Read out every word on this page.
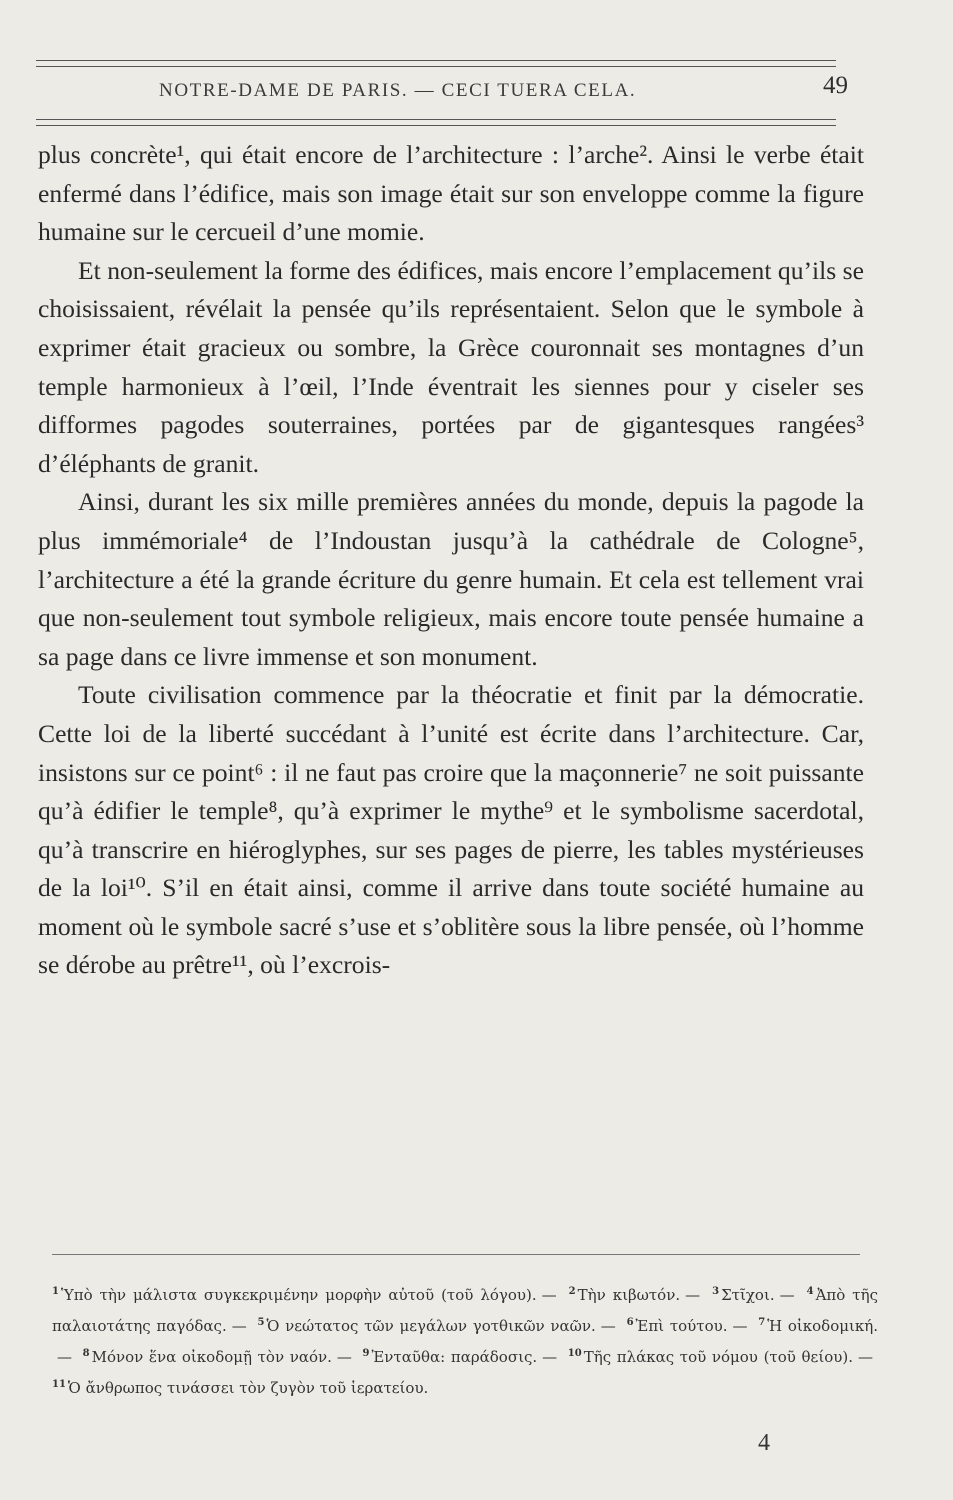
NOTRE-DAME DE PARIS. — CECI TUERA CELA.	49

plus concrète¹, qui était encore de l’architecture : l’arche². Ainsi le verbe était enfermé dans l’édifice, mais son image était sur son enveloppe comme la figure humaine sur le cercueil d’une momie.

Et non-seulement la forme des édifices, mais encore l’emplacement qu’ils se choisissaient, révélait la pensée qu’ils représentaient. Selon que le symbole à exprimer était gracieux ou sombre, la Grèce couronnait ses montagnes d’un temple harmonieux à l’œil, l’Inde éventrait les siennes pour y ciseler ses difformes pagodes souterraines, portées par de gigantesques rangées³ d’éléphants de granit.

Ainsi, durant les six mille premières années du monde, depuis la pagode la plus immémoriale⁴ de l’Indoustan jusqu’à la cathédrale de Cologne⁵, l’architecture a été la grande écriture du genre humain. Et cela est tellement vrai que non-seulement tout symbole religieux, mais encore toute pensée humaine a sa page dans ce livre immense et son monument.

Toute civilisation commence par la théocratie et finit par la démocratie. Cette loi de la liberté succédant à l’unité est écrite dans l’architecture. Car, insistons sur ce point⁶ : il ne faut pas croire que la maçonnerie⁷ ne soit puissante qu’à édifier le temple⁸, qu’à exprimer le mythe⁹ et le symbolisme sacerdotal, qu’à transcrire en hiéroglyphes, sur ses pages de pierre, les tables mystérieuses de la loi¹⁰. S’il en était ainsi, comme il arrive dans toute société humaine au moment où le symbole sacré s’use et s’oblitère sous la libre pensée, où l’homme se dérobe au prêtre¹¹, où l’excrois-

$^1$ Ὑπὸ τὴν μάλιστα συγκεκριμένην μορφὴν αὐτοῦ (τοῦ λόγου). — $^2$ Τὴν κιβωτόν. — $^3$ Στῖχοι. — $^4$ Ἀπὸ τῆς παλαιοτάτης παγόδας. — $^5$ Ὁ νεώτατος τῶν μεγάλων γοτθικῶν ναῶν. — $^6$ Ἐπὶ τούτου. — $^7$ Ἡ οἰκοδομική.— $^8$ Μόνον ἕνα οἰκοδομῇ τὸν ναόν. — $^9$ Ἐνταῦθα: παράδοσις. — $^{10}$ Τῆς πλάκας τοῦ νόμου (τοῦ θείου). — $^{11}$ Ὁ ἄνθρωπος τινάσσει τὸν ζυγὸν τοῦ ἱερατείου.
4
